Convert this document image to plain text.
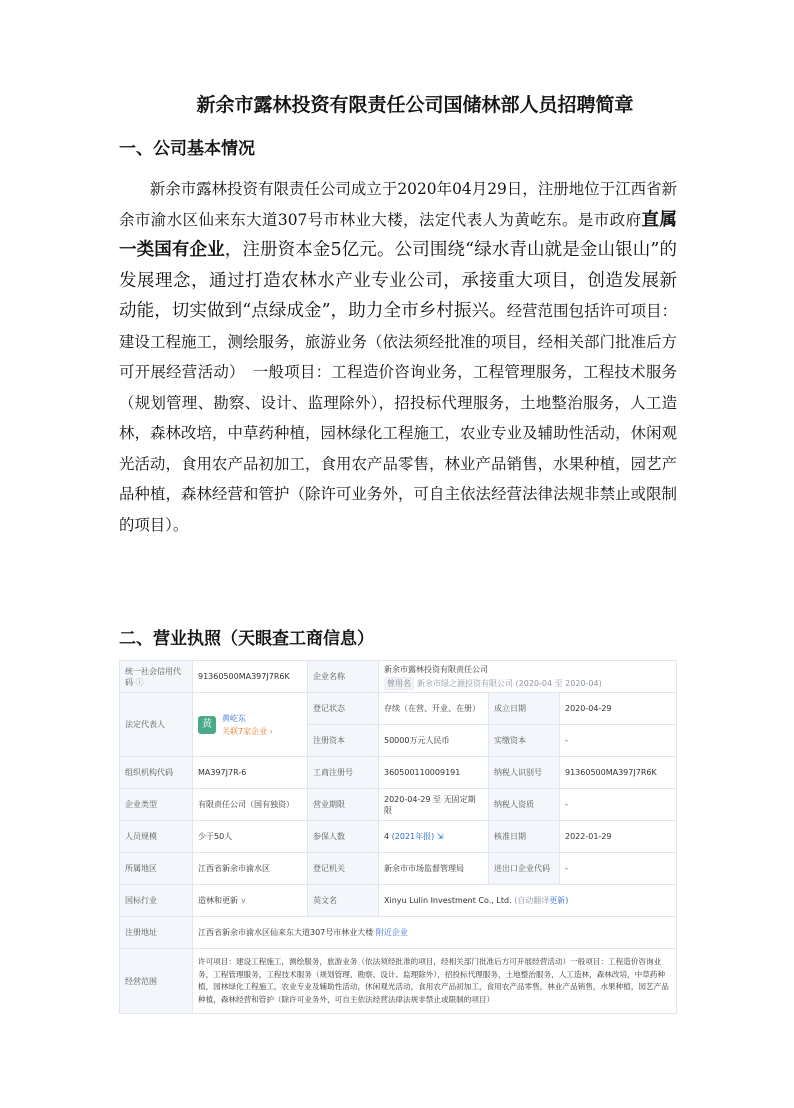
新余市露林投资有限责任公司国储林部人员招聘简章
一、公司基本情况

新余市露林投资有限责任公司成立于2020年04月29日，注册地位于江西省新余市渝水区仙来东大道307号市林业大楼，法定代表人为黄屹东。是市政府直属一类国有企业，注册资本金5亿元。公司围绕“绿水青山就是金山银山”的发展理念，通过打造农林水产业专业公司，承接重大项目，创造发展新动能，切实做到“点绿成金”，助力全市乡村振兴。经营范围包括许可项目：建设工程施工，测绘服务，旅游业务（依法须经批准的项目，经相关部门批准后方可开展经营活动）　一般项目：工程造价咨询业务，工程管理服务，工程技术服务（规划管理、勘察、设计、监理除外），招投标代理服务，土地整治服务，人工造林，森林改培，中草药种植，园林绿化工程施工，农业专业及辅助性活动，休闲观光活动，食用农产品初加工，食用农产品零售，林业产品销售，水果种植，园艺产品种植，森林经营和管护（除许可业务外，可自主依法经营法律法规非禁止或限制的项目）。

二、营业执照（天眼查工商信息）
统一社会信用代码 ⓘ	91360500MA397J7R6K	企业名称	新余市露林投资有限责任公司
曾用名 新余市绿之源投资有限公司 (2020-04 至 2020-04)		

法定代表人	黄黄屹东
关联7家企业 ›	登记状态	存续（在营、开业、在册）	成立日期	2020-04-29
		注册资本	50000万元人民币	实缴资本	-
组织机构代码	MA397J7R-6	工商注册号	360500110009191	纳税人识别号	91360500MA397J7R6K
企业类型	有限责任公司（国有独资）	营业期限	2020-04-29 至 无固定期限	纳税人资质	-
人员规模	少于50人	参保人数	4 (2021年报) ⇲	核准日期	2022-01-29
所属地区	江西省新余市渝水区	登记机关	新余市市场监督管理局	进出口企业代码	-
国标行业	造林和更新 ∨	英文名	Xinyu Lulin Investment Co., Ltd. (自动翻译更新)		
注册地址	江西省新余市渝水区仙来东大道307号市林业大楼 附近企业				
经营范围	许可项目：建设工程施工，测绘服务，旅游业务（依法须经批准的项目，经相关部门批准后方可开展经营活动）一般项目：工程造价咨询业务，工程管理服务，工程技术服务（规划管理、勘察、设计、监理除外），招投标代理服务，土地整治服务，人工造林，森林改培，中草药种植，园林绿化工程施工，农业专业及辅助性活动，休闲观光活动，食用农产品初加工，食用农产品零售，林业产品销售，水果种植，园艺产品种植，森林经营和管护（除许可业务外，可自主依法经营法律法规非禁止或限制的项目）				
